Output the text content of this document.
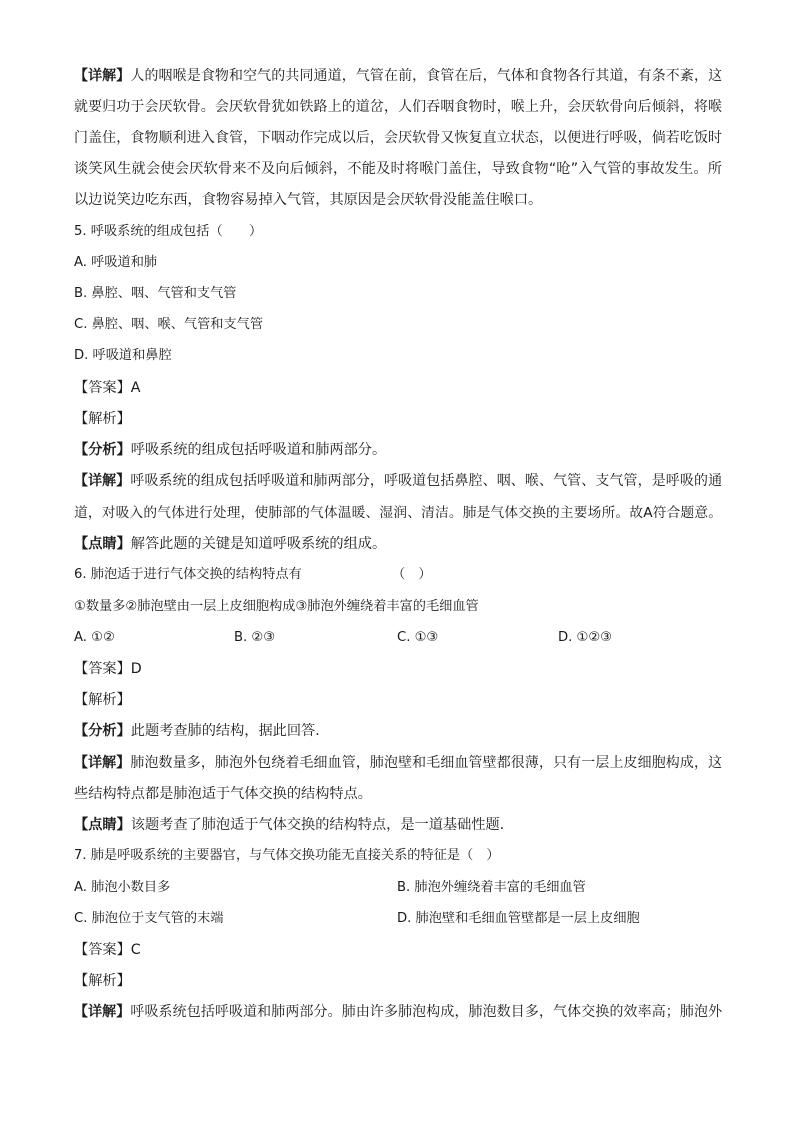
【详解】人的咽喉是食物和空气的共同通道，气管在前，食管在后，气体和食物各行其道，有条不紊，这
就要归功于会厌软骨。会厌软骨犹如铁路上的道岔，人们吞咽食物时，喉上升，会厌软骨向后倾斜，将喉
门盖住，食物顺利进入食管，下咽动作完成以后，会厌软骨又恢复直立状态，以便进行呼吸，倘若吃饭时
谈笑风生就会使会厌软骨来不及向后倾斜，不能及时将喉门盖住，导致食物“呛”入气管的事故发生。所
以边说笑边吃东西，食物容易掉入气管，其原因是会厌软骨没能盖住喉口。
5. 呼吸系统的组成包括（　　）
A. 呼吸道和肺
B. 鼻腔、咽、气管和支气管
C. 鼻腔、咽、喉、气管和支气管
D. 呼吸道和鼻腔
【答案】A
【解析】
【分析】呼吸系统的组成包括呼吸道和肺两部分。
【详解】呼吸系统的组成包括呼吸道和肺两部分，呼吸道包括鼻腔、咽、喉、气管、支气管，是呼吸的通
道，对吸入的气体进行处理，使肺部的气体温暖、湿润、清洁。肺是气体交换的主要场所。故A符合题意。
【点睛】解答此题的关键是知道呼吸系统的组成。
6. 肺泡适于进行气体交换的结构特点有	（　）
①数量多②肺泡壁由一层上皮细胞构成③肺泡外缠绕着丰富的毛细血管
A. ①②	B. ②③	C. ①③	D. ①②③
【答案】D
【解析】
【分析】此题考查肺的结构，据此回答.
【详解】肺泡数量多，肺泡外包绕着毛细血管，肺泡壁和毛细血管壁都很薄，只有一层上皮细胞构成，这
些结构特点都是肺泡适于气体交换的结构特点。
【点睛】该题考查了肺泡适于气体交换的结构特点，是一道基础性题.
7. 肺是呼吸系统的主要器官，与气体交换功能无直接关系的特征是（　）
A. 肺泡小数目多	B. 肺泡外缠绕着丰富的毛细血管
C. 肺泡位于支气管的末端	D. 肺泡壁和毛细血管壁都是一层上皮细胞
【答案】C
【解析】
【详解】呼吸系统包括呼吸道和肺两部分。肺由许多肺泡构成，肺泡数目多，气体交换的效率高；肺泡外
